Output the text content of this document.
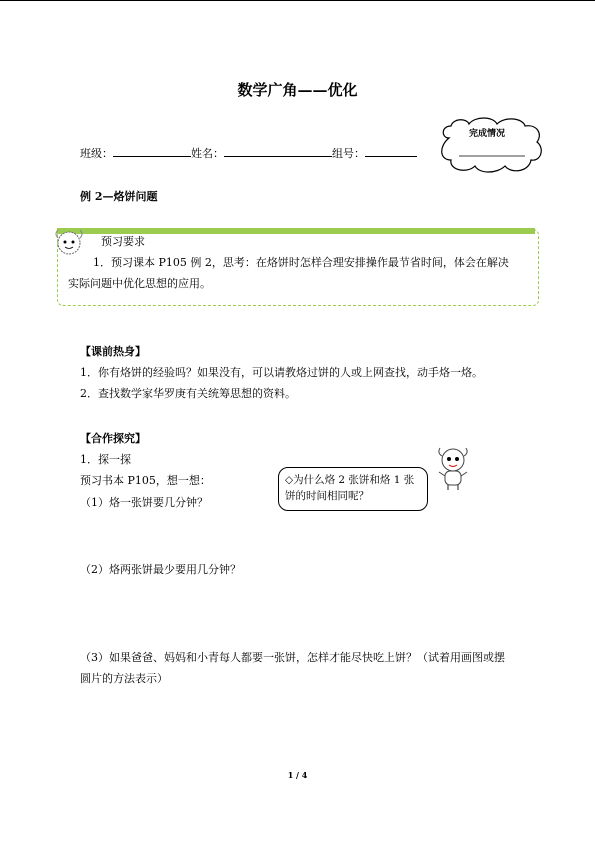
数学广角——优化
班级：	姓名：	组号：
完成情况
例 2—烙饼问题
预习要求
1．预习课本 P105 例 2，思考：在烙饼时怎样合理安排操作最节省时间，体会在解决
实际问题中优化思想的应用。
【课前热身】
1．你有烙饼的经验吗？如果没有，可以请教烙过饼的人或上网查找，动手烙一烙。
2．查找数学家华罗庚有关统筹思想的资料。
【合作探究】
1．探一探
预习书本 P105，想一想：
（1）烙一张饼要几分钟？
◇为什么烙 2 张饼和烙 1 张饼的时间相同呢？
（2）烙两张饼最少要用几分钟？
（3）如果爸爸、妈妈和小青每人都要一张饼，怎样才能尽快吃上饼？（试着用画图或摆
圆片的方法表示）
1 / 4
